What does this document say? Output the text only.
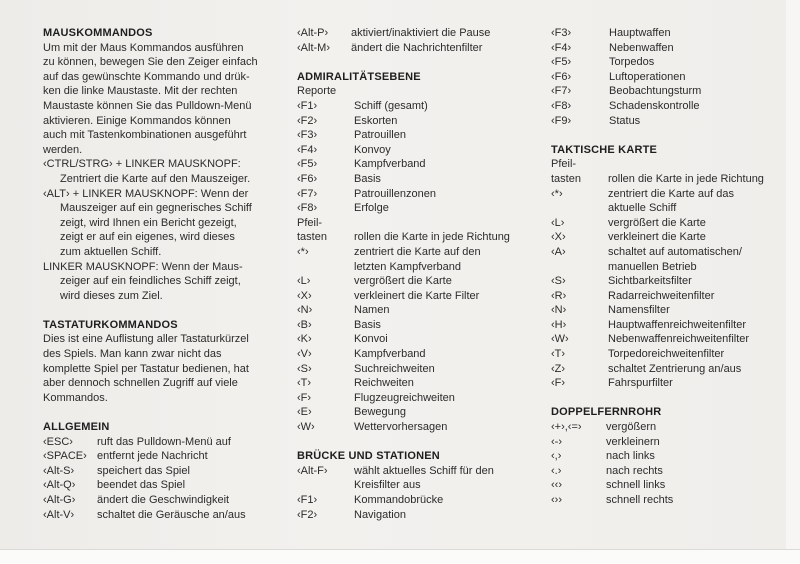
MAUSKOMMANDOS
Um mit der Maus Kommandos ausführen
zu können, bewegen Sie den Zeiger einfach
auf das gewünschte Kommando und drük-
ken die linke Maustaste. Mit der rechten
Maustaste können Sie das Pulldown-Menü
aktivieren. Einige Kommandos können
auch mit Tastenkombinationen ausgeführt
werden.
‹CTRL/STRG› + LINKER MAUSKNOPF:
Zentriert die Karte auf den Mauszeiger.
‹ALT› + LINKER MAUSKNOPF: Wenn der
Mauszeiger auf ein gegnerisches Schiff
zeigt, wird Ihnen ein Bericht gezeigt,
zeigt er auf ein eigenes, wird dieses
zum aktuellen Schiff.
LINKER MAUSKNOPF: Wenn der Maus-
zeiger auf ein feindliches Schiff zeigt,
wird dieses zum Ziel.
TASTATURKOMMANDOS
Dies ist eine Auflistung aller Tastaturkürzel
des Spiels. Man kann zwar nicht das
komplette Spiel per Tastatur bedienen, hat
aber dennoch schnellen Zugriff auf viele
Kommandos.
ALLGEMEIN
‹ESC› ruft das Pulldown-Menü auf
‹SPACE› entfernt jede Nachricht
‹Alt-S› speichert das Spiel
‹Alt-Q› beendet das Spiel
‹Alt-G› ändert die Geschwindigkeit
‹Alt-V› schaltet die Geräusche an/aus
‹Alt-P› aktiviert/inaktiviert die Pause
‹Alt-M› ändert die Nachrichtenfilter
ADMIRALITÄTSEBENE
Reporte
‹F1›	Schiff (gesamt)
‹F2›	Eskorten
‹F3›	Patrouillen
‹F4›	Konvoy
‹F5›	Kampfverband
‹F6›	Basis
‹F7›	Patrouillenzonen
‹F8›	Erfolge
Pfeil-
tasten rollen die Karte in jede Richtung
‹*›	zentriert die Karte auf den
letzten Kampfverband
‹L›	vergrößert die Karte
‹X›	verkleinert die Karte Filter
‹N›	Namen
‹B›	Basis
‹K›	Konvoi
‹V›	Kampfverband
‹S›	Suchreichweiten
‹T›	Reichweiten
‹F›	Flugzeugreichweiten
‹E›	Bewegung
‹W›	Wettervorhersagen
BRÜCKE UND STATIONEN
‹Alt-F› wählt aktuelles Schiff für den
Kreisfilter aus
‹F1›	Kommandobrücke
‹F2›	Navigation
‹F3›	Hauptwaffen
‹F4›	Nebenwaffen
‹F5›	Torpedos
‹F6›	Luftoperationen
‹F7›	Beobachtungsturm
‹F8›	Schadenskontrolle
‹F9›	Status
TAKTISCHE KARTE
Pfeil-
tasten rollen die Karte in jede Richtung
‹*›	zentriert die Karte auf das
aktuelle Schiff
‹L›	vergrößert die Karte
‹X›	verkleinert die Karte
‹A›	schaltet auf automatischen/
manuellen Betrieb
‹S›	Sichtbarkeitsfilter
‹R›	Radarreichweitenfilter
‹N›	Namensfilter
‹H›	Hauptwaffenreichweitenfilter
‹W›	Nebenwaffenreichweitenfilter
‹T›	Torpedoreichweitenfilter
‹Z›	schaltet Zentrierung an/aus
‹F›	Fahrspurfilter
DOPPELFERNROHR
‹+›,‹=› vergößern
‹-›	verkleinern
‹,›	nach links
‹.›	nach rechts
‹‹›	schnell links
‹››	schnell rechts
